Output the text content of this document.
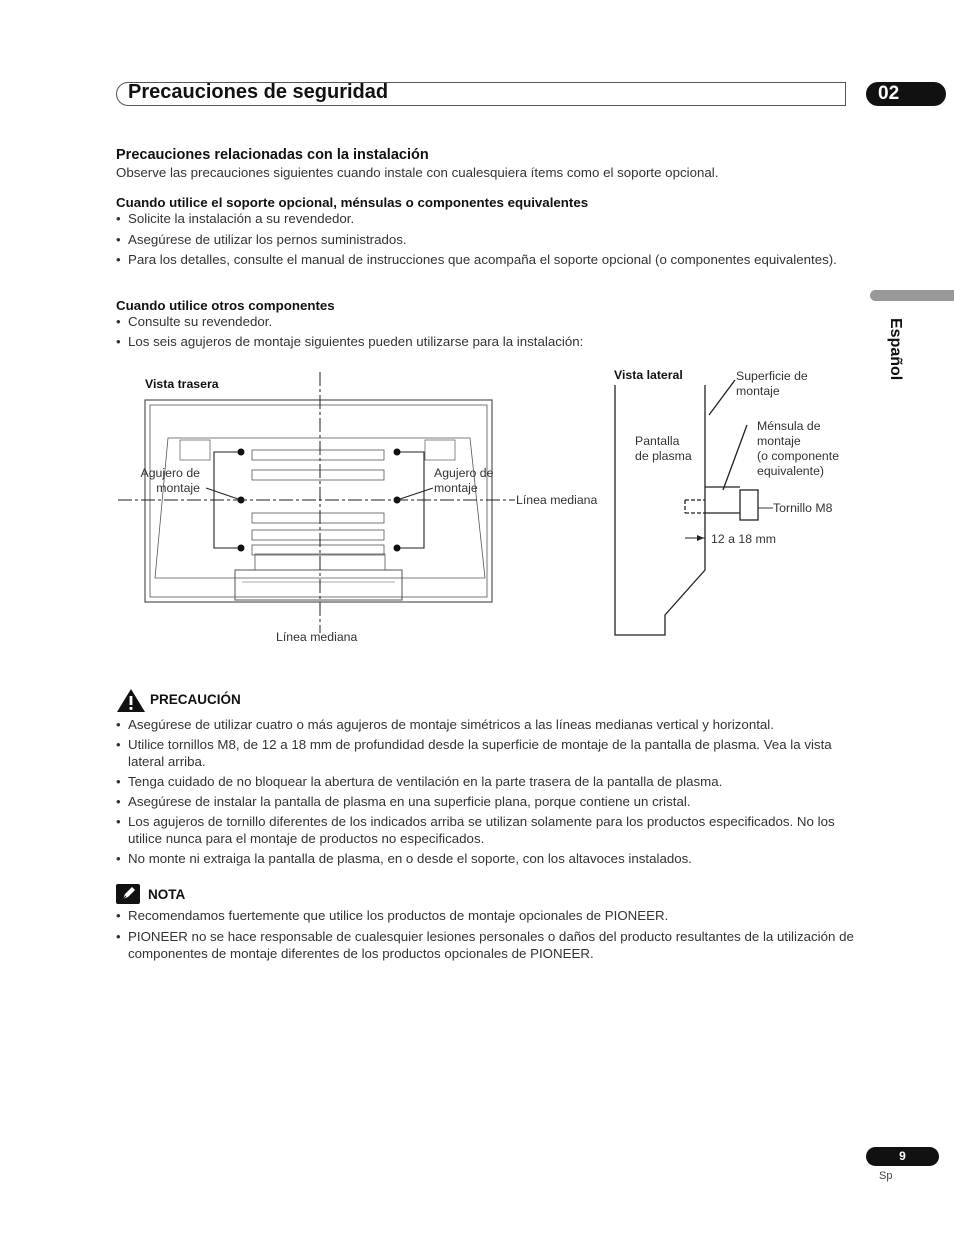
Precauciones de seguridad	02
Español
Precauciones relacionadas con la instalación
Observe las precauciones siguientes cuando instale con cualesquiera ítems como el soporte opcional.
Cuando utilice el soporte opcional, ménsulas o componentes equivalentes
• Solicite la instalación a su revendedor.
• Asegúrese de utilizar los pernos suministrados.
• Para los detalles, consulte el manual de instrucciones que acompaña el soporte opcional (o componentes equivalentes).
Cuando utilice otros componentes
• Consulte su revendedor.
• Los seis agujeros de montaje siguientes pueden utilizarse para la instalación:
Vista trasera
Agujero de
montaje
Agujero de
montaje
Línea mediana
Línea mediana
Vista lateral	Superficie de
montaje
Pantalla
de plasma
Ménsula de
montaje
(o componente
equivalente)
Tornillo M8
12 a 18 mm
PRECAUCIÓN
• Asegúrese de utilizar cuatro o más agujeros de montaje simétricos a las líneas medianas vertical y horizontal.
• Utilice tornillos M8, de 12 a 18 mm de profundidad desde la superficie de montaje de la pantalla de plasma. Vea la vista lateral arriba.
• Tenga cuidado de no bloquear la abertura de ventilación en la parte trasera de la pantalla de plasma.
• Asegúrese de instalar la pantalla de plasma en una superficie plana, porque contiene un cristal.
• Los agujeros de tornillo diferentes de los indicados arriba se utilizan solamente para los productos especificados. No los utilice nunca para el montaje de productos no especificados.
• No monte ni extraiga la pantalla de plasma, en o desde el soporte, con los altavoces instalados.
NOTA
• Recomendamos fuertemente que utilice los productos de montaje opcionales de PIONEER.
• PIONEER no se hace responsable de cualesquier lesiones personales o daños del producto resultantes de la utilización de componentes de montaje diferentes de los productos opcionales de PIONEER.
9
Sp
